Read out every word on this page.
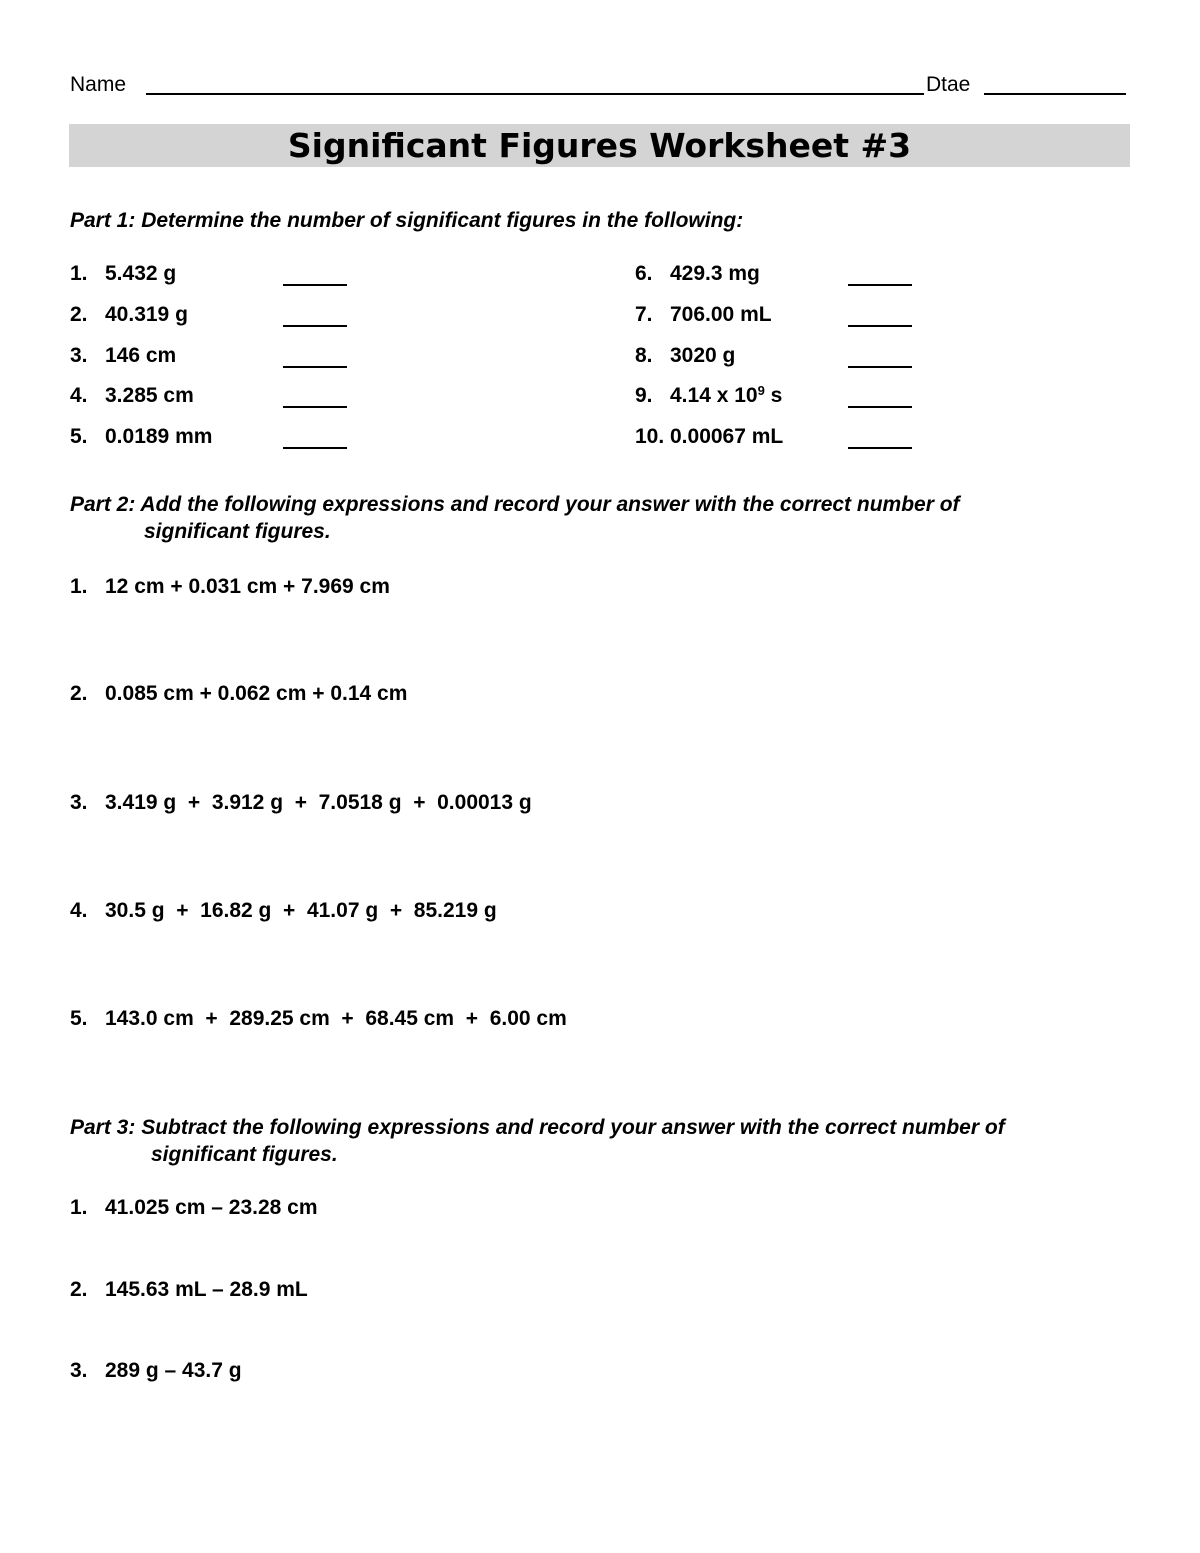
Name	Dtae
Significant Figures Worksheet #3
Part 1: Determine the number of significant figures in the following:
1. 5.432 g
2. 40.319 g
3. 146 cm
4. 3.285 cm
5. 0.0189 mm
6. 429.3 mg
7. 706.00 mL
8. 3020 g
9. 4.14 x $10^9$ s
10. 0.00067 mL
Part 2: Add the following expressions and record your answer with the correct number of
significant figures.
1. 12 cm + 0.031 cm + 7.969 cm
2. 0.085 cm + 0.062 cm + 0.14 cm
3. 3.419 g  +  3.912 g  +  7.0518 g  +  0.00013 g
4. 30.5 g  +  16.82 g  +  41.07 g  +  85.219 g
5. 143.0 cm  +  289.25 cm  +  68.45 cm  +  6.00 cm
Part 3: Subtract the following expressions and record your answer with the correct number of
significant figures.
1. 41.025 cm – 23.28 cm
2. 145.63 mL – 28.9 mL
3. 289 g – 43.7 g
